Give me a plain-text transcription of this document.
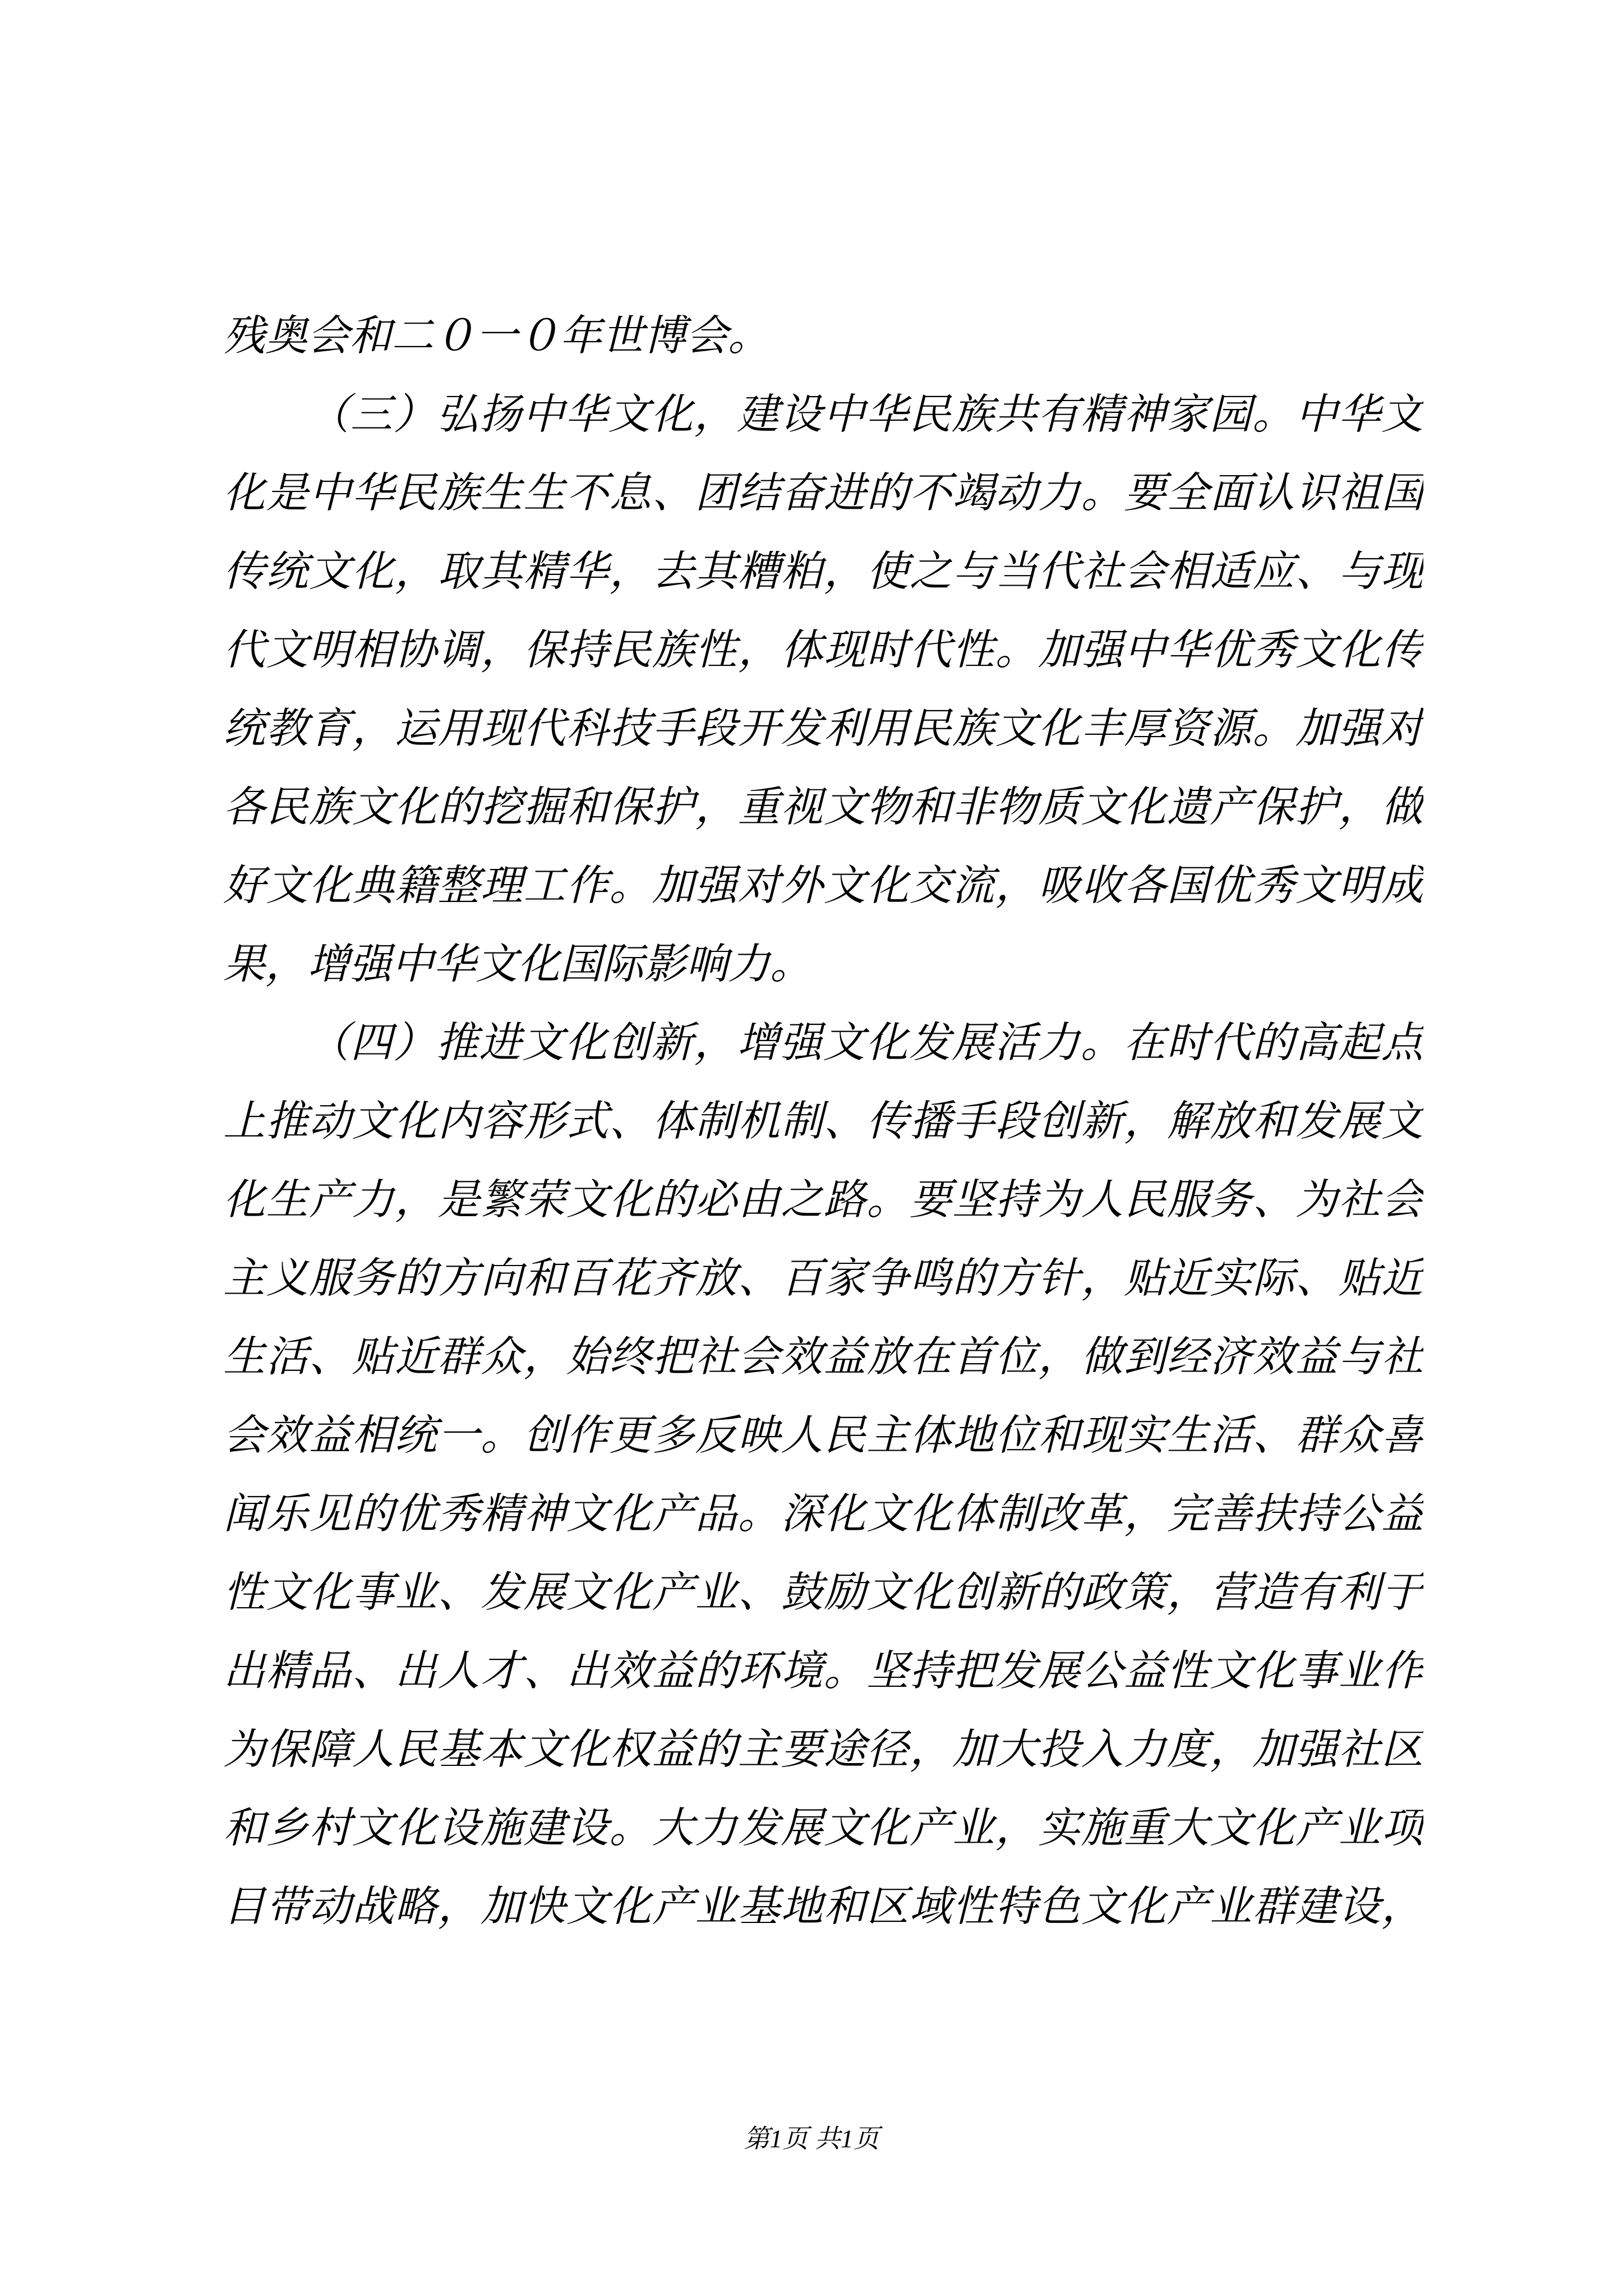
残奥会和二０一０年世博会。
（三）弘扬中华文化，建设中华民族共有精神家园。中华文
化是中华民族生生不息、团结奋进的不竭动力。要全面认识祖国
传统文化，取其精华，去其糟粕，使之与当代社会相适应、与现
代文明相协调，保持民族性，体现时代性。加强中华优秀文化传
统教育，运用现代科技手段开发利用民族文化丰厚资源。加强对
各民族文化的挖掘和保护，重视文物和非物质文化遗产保护，做
好文化典籍整理工作。加强对外文化交流，吸收各国优秀文明成
果，增强中华文化国际影响力。
（四）推进文化创新，增强文化发展活力。在时代的高起点
上推动文化内容形式、体制机制、传播手段创新，解放和发展文
化生产力，是繁荣文化的必由之路。要坚持为人民服务、为社会
主义服务的方向和百花齐放、百家争鸣的方针，贴近实际、贴近
生活、贴近群众，始终把社会效益放在首位，做到经济效益与社
会效益相统一。创作更多反映人民主体地位和现实生活、群众喜
闻乐见的优秀精神文化产品。深化文化体制改革，完善扶持公益
性文化事业、发展文化产业、鼓励文化创新的政策，营造有利于
出精品、出人才、出效益的环境。坚持把发展公益性文化事业作
为保障人民基本文化权益的主要途径，加大投入力度，加强社区
和乡村文化设施建设。大力发展文化产业，实施重大文化产业项
目带动战略，加快文化产业基地和区域性特色文化产业群建设，
第1页 共1页
